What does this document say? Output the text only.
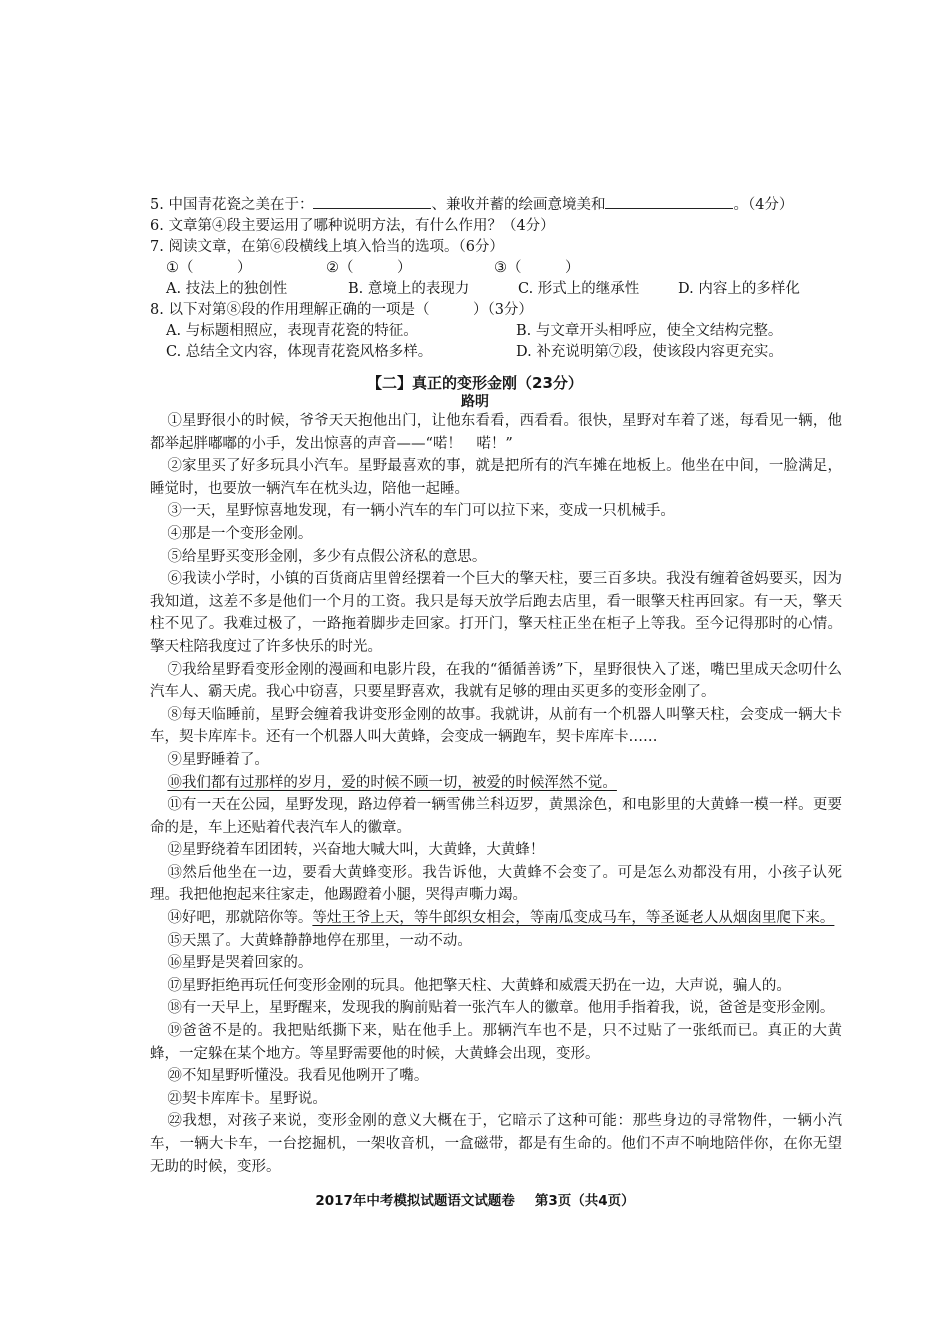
5. 中国青花瓷之美在于：	、兼收并蓄的绘画意境美和	。（4分）
6. 文章第④段主要运用了哪种说明方法，有什么作用？（4分）
7. 阅读文章，在第⑥段横线上填入恰当的选项。（6分）
①（　　　）	②（　　　）	③（　　　）
A. 技法上的独创性	B. 意境上的表现力	C. 形式上的继承性	D. 内容上的多样化
8. 以下对第⑧段的作用理解正确的一项是（　　　）（3分）
A. 与标题相照应，表现青花瓷的特征。	B. 与文章开头相呼应，使全文结构完整。
C. 总结全文内容，体现青花瓷风格多样。	D. 补充说明第⑦段，使该段内容更充实。
【二】真正的变形金刚（23分）
路明

①星野很小的时候，爷爷天天抱他出门，让他东看看，西看看。很快，星野对车着了迷，每看见一辆，他都举起胖嘟嘟的小手，发出惊喜的声音——“喏！　喏！”

②家里买了好多玩具小汽车。星野最喜欢的事，就是把所有的汽车摊在地板上。他坐在中间，一脸满足，睡觉时，也要放一辆汽车在枕头边，陪他一起睡。

③一天，星野惊喜地发现，有一辆小汽车的车门可以拉下来，变成一只机械手。

④那是一个变形金刚。

⑤给星野买变形金刚，多少有点假公济私的意思。

⑥我读小学时，小镇的百货商店里曾经摆着一个巨大的擎天柱，要三百多块。我没有缠着爸妈要买，因为我知道，这差不多是他们一个月的工资。我只是每天放学后跑去店里，看一眼擎天柱再回家。有一天，擎天柱不见了。我难过极了，一路拖着脚步走回家。打开门，擎天柱正坐在柜子上等我。至今记得那时的心情。擎天柱陪我度过了许多快乐的时光。

⑦我给星野看变形金刚的漫画和电影片段，在我的“循循善诱”下，星野很快入了迷，嘴巴里成天念叨什么汽车人、霸天虎。我心中窃喜，只要星野喜欢，我就有足够的理由买更多的变形金刚了。

⑧每天临睡前，星野会缠着我讲变形金刚的故事。我就讲，从前有一个机器人叫擎天柱，会变成一辆大卡车，契卡库库卡。还有一个机器人叫大黄蜂，会变成一辆跑车，契卡库库卡……

⑨星野睡着了。

⑩我们都有过那样的岁月，爱的时候不顾一切，被爱的时候浑然不觉。

⑪有一天在公园，星野发现，路边停着一辆雪佛兰科迈罗，黄黑涂色，和电影里的大黄蜂一模一样。更要命的是，车上还贴着代表汽车人的徽章。

⑫星野绕着车团团转，兴奋地大喊大叫，大黄蜂，大黄蜂！

⑬然后他坐在一边，要看大黄蜂变形。我告诉他，大黄蜂不会变了。可是怎么劝都没有用，小孩子认死理。我把他抱起来往家走，他踢蹬着小腿，哭得声嘶力竭。

⑭好吧，那就陪你等。等灶王爷上天，等牛郎织女相会，等南瓜变成马车，等圣诞老人从烟囱里爬下来。

⑮天黑了。大黄蜂静静地停在那里，一动不动。

⑯星野是哭着回家的。

⑰星野拒绝再玩任何变形金刚的玩具。他把擎天柱、大黄蜂和威震天扔在一边，大声说，骗人的。

⑱有一天早上，星野醒来，发现我的胸前贴着一张汽车人的徽章。他用手指着我，说，爸爸是变形金刚。

⑲爸爸不是的。我把贴纸撕下来，贴在他手上。那辆汽车也不是，只不过贴了一张纸而已。真正的大黄蜂，一定躲在某个地方。等星野需要他的时候，大黄蜂会出现，变形。

⑳不知星野听懂没。我看见他咧开了嘴。

㉑契卡库库卡。星野说。

㉒我想，对孩子来说，变形金刚的意义大概在于，它暗示了这种可能：那些身边的寻常物件，一辆小汽车，一辆大卡车，一台挖掘机，一架收音机，一盒磁带，都是有生命的。他们不声不响地陪伴你，在你无望无助的时候，变形。

2017年中考模拟试题语文试题卷 第3页（共4页）
